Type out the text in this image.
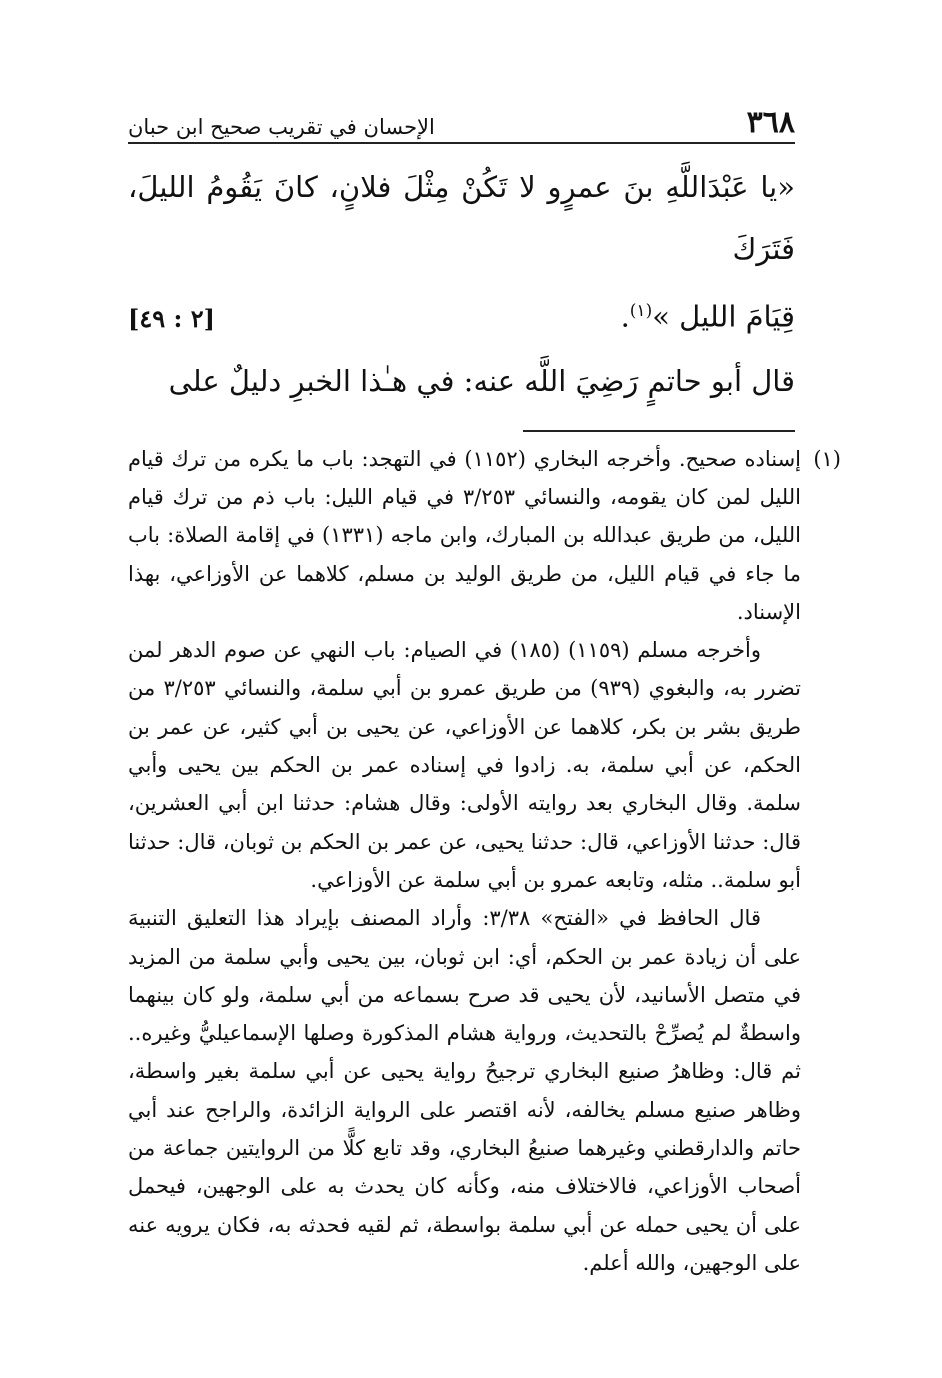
٣٦٨
الإحسان في تقريب صحيح ابن حبان
«يا عَبْدَاللَّهِ بنَ عمرٍو لا تَكُنْ مِثْلَ فلانٍ، كانَ يَقُومُ الليلَ، فَتَرَكَ
قِيَامَ الليل »$^{(١)}$.
[٢ : ٤٩]
قال أبو حاتمٍ رَضِيَ اللَّه عنه: في هـٰذا الخبرِ دليلٌ على
(١)
إسناده صحيح. وأخرجه البخاري (١١٥٢) في التهجد: باب ما يكره من ترك قيام الليل لمن كان يقومه، والنسائي ٣/٢٥٣ في قيام الليل: باب ذم من ترك قيام الليل، من طريق عبدالله بن المبارك، وابن ماجه (١٣٣١) في إقامة الصلاة: باب ما جاء في قيام الليل، من طريق الوليد بن مسلم، كلاهما عن الأوزاعي، بهذا الإسناد.
وأخرجه مسلم (١١٥٩) (١٨٥) في الصيام: باب النهي عن صوم الدهر لمن تضرر به، والبغوي (٩٣٩) من طريق عمرو بن أبي سلمة، والنسائي ٣/٢٥٣ من طريق بشر بن بكر، كلاهما عن الأوزاعي، عن يحيى بن أبي كثير، عن عمر بن الحكم، عن أبي سلمة، به. زادوا في إسناده عمر بن الحكم بين يحيى وأبي سلمة. وقال البخاري بعد روايته الأولى: وقال هشام: حدثنا ابن أبي العشرين، قال: حدثنا الأوزاعي، قال: حدثنا يحيى، عن عمر بن الحكم بن ثوبان، قال: حدثنا أبو سلمة.. مثله، وتابعه عمرو بن أبي سلمة عن الأوزاعي.
قال الحافظ في «الفتح» ٣/٣٨: وأراد المصنف بإيراد هذا التعليق التنبيهَ على أن زيادة عمر بن الحكم، أي: ابن ثوبان، بين يحيى وأبي سلمة من المزيد في متصل الأسانيد، لأن يحيى قد صرح بسماعه من أبي سلمة، ولو كان بينهما واسطةٌ لم يُصرِّحْ بالتحديث، ورواية هشام المذكورة وصلها الإسماعيليُّ وغيره.. ثم قال: وظاهرُ صنيع البخاري ترجيحُ رواية يحيى عن أبي سلمة بغير واسطة، وظاهر صنيع مسلم يخالفه، لأنه اقتصر على الرواية الزائدة، والراجح عند أبي حاتم والدارقطني وغيرهما صنيعُ البخاري، وقد تابع كلًّا من الروايتين جماعة من أصحاب الأوزاعي، فالاختلاف منه، وكأنه كان يحدث به على الوجهين، فيحمل على أن يحيى حمله عن أبي سلمة بواسطة، ثم لقيه فحدثه به، فكان يرويه عنه على الوجهين، والله أعلم.
